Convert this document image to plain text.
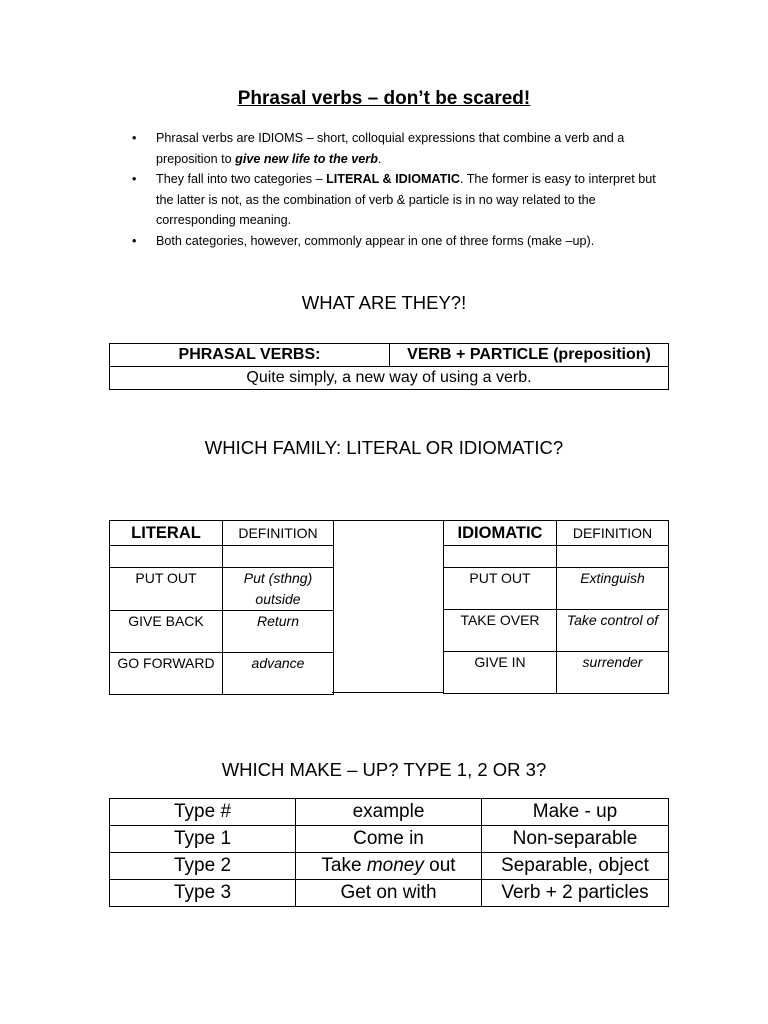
Phrasal verbs – don’t be scared!
• Phrasal verbs are IDIOMS – short, colloquial expressions that combine a verb and a preposition to give new life to the verb.
• They fall into two categories – LITERAL & IDIOMATIC. The former is easy to interpret but the latter is not, as the combination of verb & particle is in no way related to the corresponding meaning.
• Both categories, however, commonly appear in one of three forms (make –up).
WHAT ARE THEY?!
PHRASAL VERBS:	VERB + PARTICLE (preposition)
Quite simply, a new way of using a verb.
WHICH FAMILY: LITERAL OR IDIOMATIC?
LITERAL	DEFINITION

PUT OUT	Put (sthng) outside
GIVE BACK	Return
GO FORWARD	advance
IDIOMATIC	DEFINITION

PUT OUT	Extinguish
TAKE OVER	Take control of
GIVE IN	surrender
WHICH MAKE – UP? TYPE 1, 2 OR 3?
Type #	example	Make - up
Type 1	Come in	Non-separable
Type 2	Take money out	Separable, object
Type 3	Get on with	Verb + 2 particles
